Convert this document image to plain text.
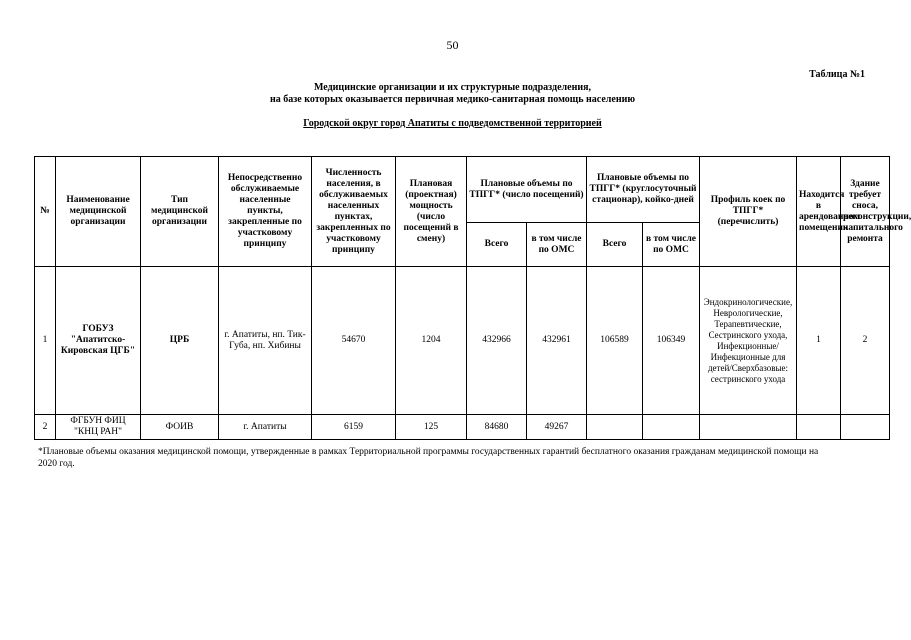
50
Таблица №1
Медицинские организации и их структурные подразделения,
на базе которых оказывается первичная медико-санитарная помощь населению
Городской округ город Апатиты с подведомственной территорией
№	Наименование медицинской организации	Тип медицинской организации	Непосредственно обслуживаемые населенные пункты, закрепленные по участковому принципу	Численность населения, в обслуживаемых населенных пунктах, закрепленных по участковому принципу	Плановая (проектная) мощность (число посещений в смену)	Плановые объемы по ТПГГ* (число посещений)		Плановые объемы по ТПГГ* (круглосуточный стационар), койко-дней		Профиль коек по ТПГГ* (перечислить)	Находится в арендованном помещении	Здание требует сноса, реконструкции, капитального ремонта
						Всего	в том числе по ОМС	Всего	в том числе по ОМС			
1	ГОБУЗ "Апатитско-Кировская ЦГБ"	ЦРБ	г. Апатиты, нп. Тик-Губа, нп. Хибины	54670	1204	432966	432961	106589	106349	Эндокринологические, Неврологические, Терапевтические, Сестринского ухода, Инфекционные/Инфекционные для детей/Сверхбазовые: сестринского ухода	1	2
2	ФГБУН ФИЦ "КНЦ РАН"	ФОИВ	г. Апатиты	6159	125	84680	49267					
*Плановые объемы оказания медицинской помощи, утвержденные в рамках Территориальной программы государственных гарантий бесплатного оказания гражданам медицинской помощи на 2020 год.
